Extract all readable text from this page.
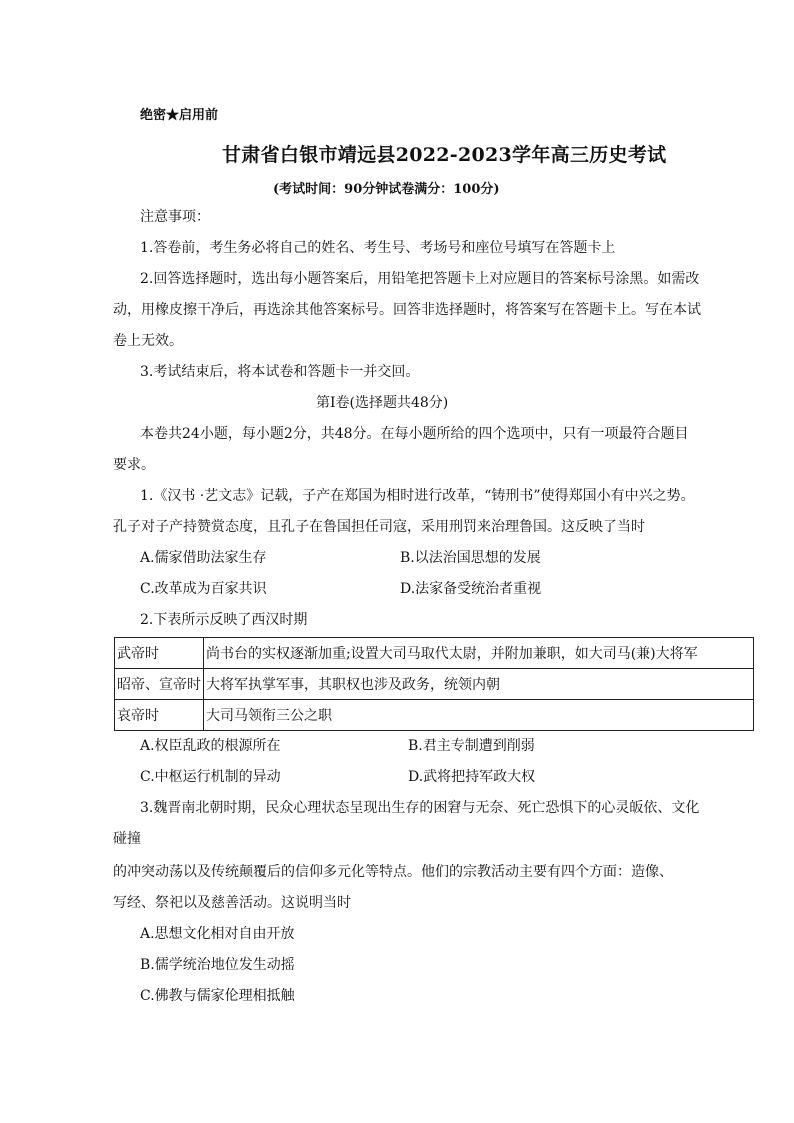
绝密★启用前
甘肃省白银市靖远县2022-2023学年高三历史考试
(考试时间：90分钟试卷满分：100分)
注意事项：
1.答卷前，考生务必将自己的姓名、考生号、考场号和座位号填写在答题卡上
2.回答选择题时，选出每小题答案后，用铅笔把答题卡上对应题目的答案标号涂黑。如需改
动，用橡皮擦干净后，再选涂其他答案标号。回答非选择题时，将答案写在答题卡上。写在本试
卷上无效。
3.考试结束后，将本试卷和答题卡一并交回。
第Ⅰ卷(选择题共48分)
本卷共24小题，每小题2分，共48分。在每小题所给的四个选项中，只有一项最符合题目
要求。
1.《汉书 ·艺文志》记载，子产在郑国为相时进行改革，“铸刑书”使得郑国小有中兴之势。
孔子对子产持赞赏态度，且孔子在鲁国担任司寇，采用刑罚来治理鲁国。这反映了当时
A.儒家借助法家生存	B.以法治国思想的发展
C.改革成为百家共识	D.法家备受统治者重视
2.下表所示反映了西汉时期
武帝时	尚书台的实权逐渐加重;设置大司马取代太尉，并附加兼职，如大司马(兼)大将军
昭帝、宣帝时	大将军执掌军事，其职权也涉及政务，统领内朝
哀帝时	大司马领衔三公之职
A.权臣乱政的根源所在	B.君主专制遭到削弱
C.中枢运行机制的异动	D.武将把持军政大权
3.魏晋南北朝时期，民众心理状态呈现出生存的困窘与无奈、死亡恐惧下的心灵皈依、文化
碰撞
的冲突动荡以及传统颠覆后的信仰多元化等特点。他们的宗教活动主要有四个方面：造像、
写经、祭祀以及慈善活动。这说明当时
A.思想文化相对自由开放
B.儒学统治地位发生动摇
C.佛教与儒家伦理相抵触
